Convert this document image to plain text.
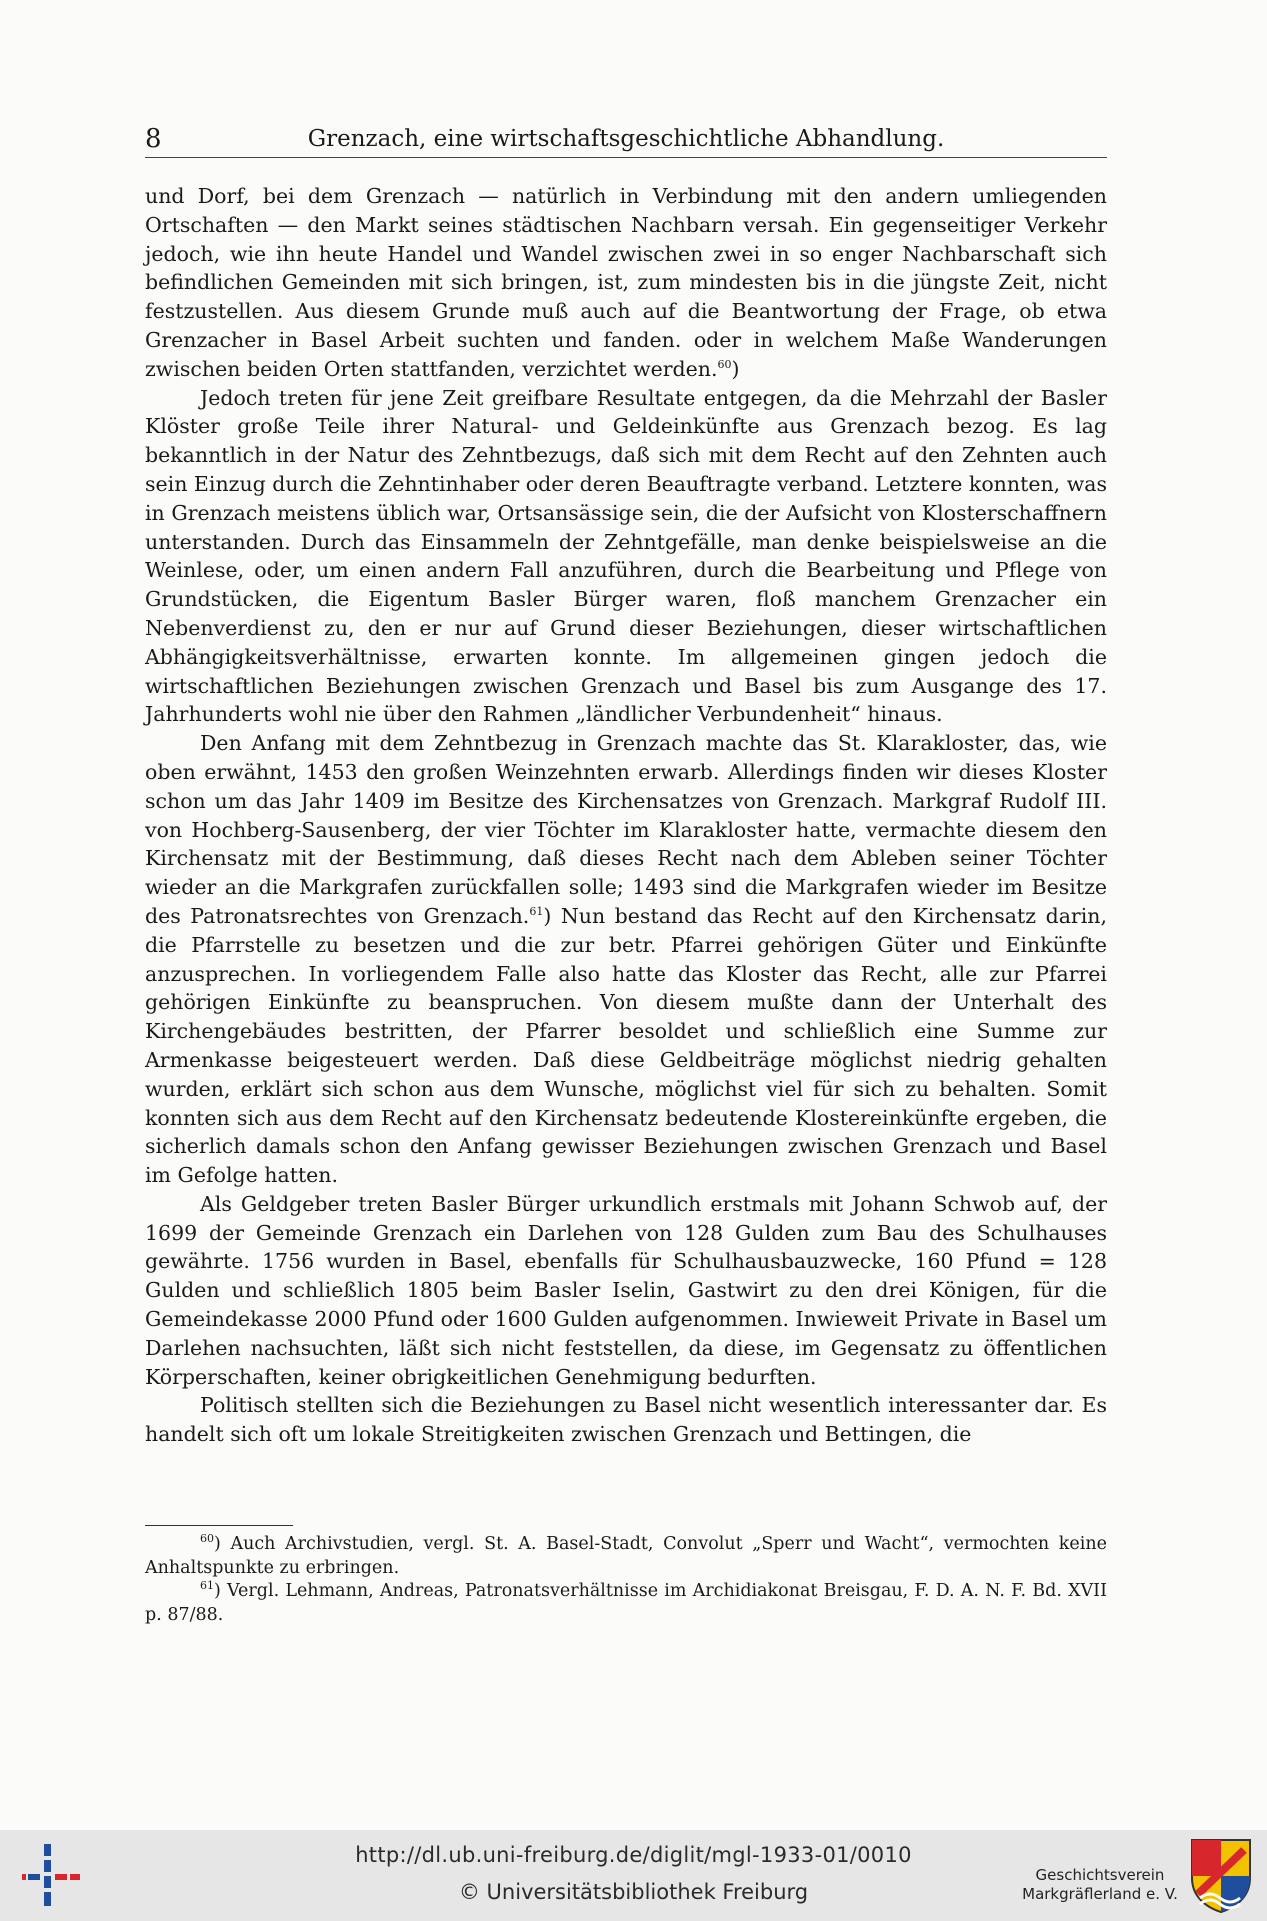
8	Grenzach, eine wirtschaftsgeschichtliche Abhandlung.

und Dorf, bei dem Grenzach — natürlich in Verbindung mit den andern umliegenden Ortschaften — den Markt seines städtischen Nachbarn versah. Ein gegenseitiger Verkehr jedoch, wie ihn heute Handel und Wandel zwischen zwei in so enger Nachbarschaft sich befindlichen Gemeinden mit sich bringen, ist, zum mindesten bis in die jüngste Zeit, nicht festzustellen. Aus diesem Grunde muß auch auf die Beantwortung der Frage, ob etwa Grenzacher in Basel Arbeit suchten und fanden. oder in welchem Maße Wanderungen zwischen beiden Orten stattfanden, verzichtet werden.$^{60}$)

Jedoch treten für jene Zeit greifbare Resultate entgegen, da die Mehrzahl der Basler Klöster große Teile ihrer Natural- und Geldeinkünfte aus Grenzach bezog. Es lag bekanntlich in der Natur des Zehntbezugs, daß sich mit dem Recht auf den Zehnten auch sein Einzug durch die Zehntinhaber oder deren Beauftragte verband. Letztere konnten, was in Grenzach meistens üblich war, Ortsansässige sein, die der Aufsicht von Klosterschaffnern unterstanden. Durch das Einsammeln der Zehntgefälle, man denke beispielsweise an die Weinlese, oder, um einen andern Fall anzuführen, durch die Bearbeitung und Pflege von Grundstücken, die Eigentum Basler Bürger waren, floß manchem Grenzacher ein Nebenverdienst zu, den er nur auf Grund dieser Beziehungen, dieser wirtschaftlichen Abhängigkeitsverhältnisse, erwarten konnte. Im allgemeinen gingen jedoch die wirtschaftlichen Beziehungen zwischen Grenzach und Basel bis zum Ausgange des 17. Jahrhunderts wohl nie über den Rahmen „ländlicher Verbundenheit“ hinaus.

Den Anfang mit dem Zehntbezug in Grenzach machte das St. Klarakloster, das, wie oben erwähnt, 1453 den großen Weinzehnten erwarb. Allerdings finden wir dieses Kloster schon um das Jahr 1409 im Besitze des Kirchensatzes von Grenzach. Markgraf Rudolf III. von Hochberg-Sausenberg, der vier Töchter im Klarakloster hatte, vermachte diesem den Kirchensatz mit der Bestimmung, daß dieses Recht nach dem Ableben seiner Töchter wieder an die Markgrafen zurückfallen solle; 1493 sind die Markgrafen wieder im Besitze des Patronatsrechtes von Grenzach.$^{61}$) Nun bestand das Recht auf den Kirchensatz darin, die Pfarrstelle zu besetzen und die zur betr. Pfarrei gehörigen Güter und Einkünfte anzusprechen. In vorliegendem Falle also hatte das Kloster das Recht, alle zur Pfarrei gehörigen Einkünfte zu beanspruchen. Von diesem mußte dann der Unterhalt des Kirchengebäudes bestritten, der Pfarrer besoldet und schließlich eine Summe zur Armenkasse beigesteuert werden. Daß diese Geldbeiträge möglichst niedrig gehalten wurden, erklärt sich schon aus dem Wunsche, möglichst viel für sich zu behalten. Somit konnten sich aus dem Recht auf den Kirchensatz bedeutende Klostereinkünfte ergeben, die sicherlich damals schon den Anfang gewisser Beziehungen zwischen Grenzach und Basel im Gefolge hatten.

Als Geldgeber treten Basler Bürger urkundlich erstmals mit Johann Schwob auf, der 1699 der Gemeinde Grenzach ein Darlehen von 128 Gulden zum Bau des Schulhauses gewährte. 1756 wurden in Basel, ebenfalls für Schulhausbauzwecke, 160 Pfund = 128 Gulden und schließlich 1805 beim Basler Iselin, Gastwirt zu den drei Königen, für die Gemeindekasse 2000 Pfund oder 1600 Gulden aufgenommen. Inwieweit Private in Basel um Darlehen nachsuchten, läßt sich nicht feststellen, da diese, im Gegensatz zu öffentlichen Körperschaften, keiner obrigkeitlichen Genehmigung bedurften.

Politisch stellten sich die Beziehungen zu Basel nicht wesentlich interessanter dar. Es handelt sich oft um lokale Streitigkeiten zwischen Grenzach und Bettingen, die

$^{60}$) Auch Archivstudien, vergl. St. A. Basel-Stadt, Convolut „Sperr und Wacht“, vermochten keine Anhaltspunkte zu erbringen.

$^{61}$) Vergl. Lehmann, Andreas, Patronatsverhältnisse im Archidiakonat Breisgau, F. D. A. N. F. Bd. XVII p. 87/88.

http://dl.ub.uni-freiburg.de/diglit/mgl-1933-01/0010
© Universitätsbibliothek Freiburg
Geschichtsverein
Markgräflerland e. V.
